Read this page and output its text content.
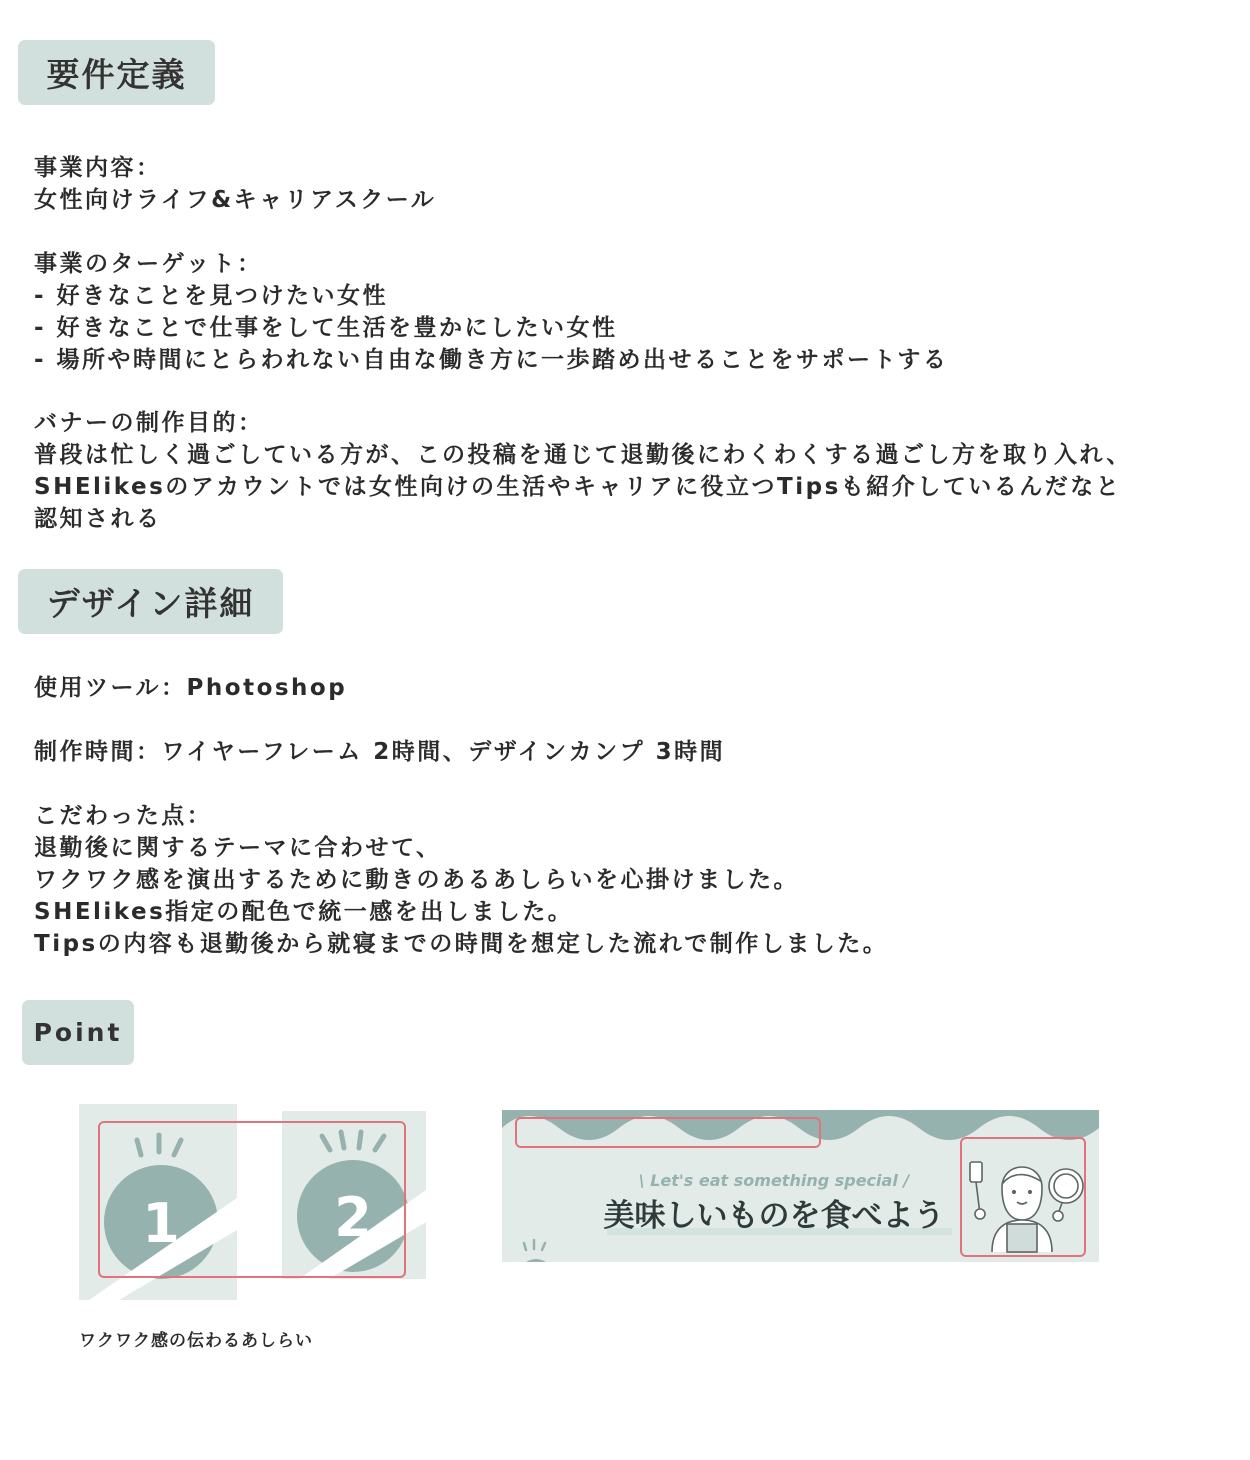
要件定義
事業内容：
女性向けライフ&キャリアスクール
事業のターゲット：
- 好きなことを見つけたい女性
- 好きなことで仕事をして生活を豊かにしたい女性
- 場所や時間にとらわれない自由な働き方に一歩踏め出せることをサポートする
バナーの制作目的：
普段は忙しく過ごしている方が、この投稿を通じて退勤後にわくわくする過ごし方を取り入れ、
SHElikesのアカウントでは女性向けの生活やキャリアに役立つTipsも紹介しているんだなと
認知される
デザイン詳細
使用ツール：Photoshop
制作時間：ワイヤーフレーム 2時間、デザインカンプ 3時間
こだわった点：
退勤後に関するテーマに合わせて、
ワクワク感を演出するために動きのあるあしらいを心掛けました。
SHElikes指定の配色で統一感を出しました。
Tipsの内容も退勤後から就寝までの時間を想定した流れで制作しました。
Point
1	2
\ Let's eat something special /
美味しいものを食べよう
ワクワク感の伝わるあしらい
